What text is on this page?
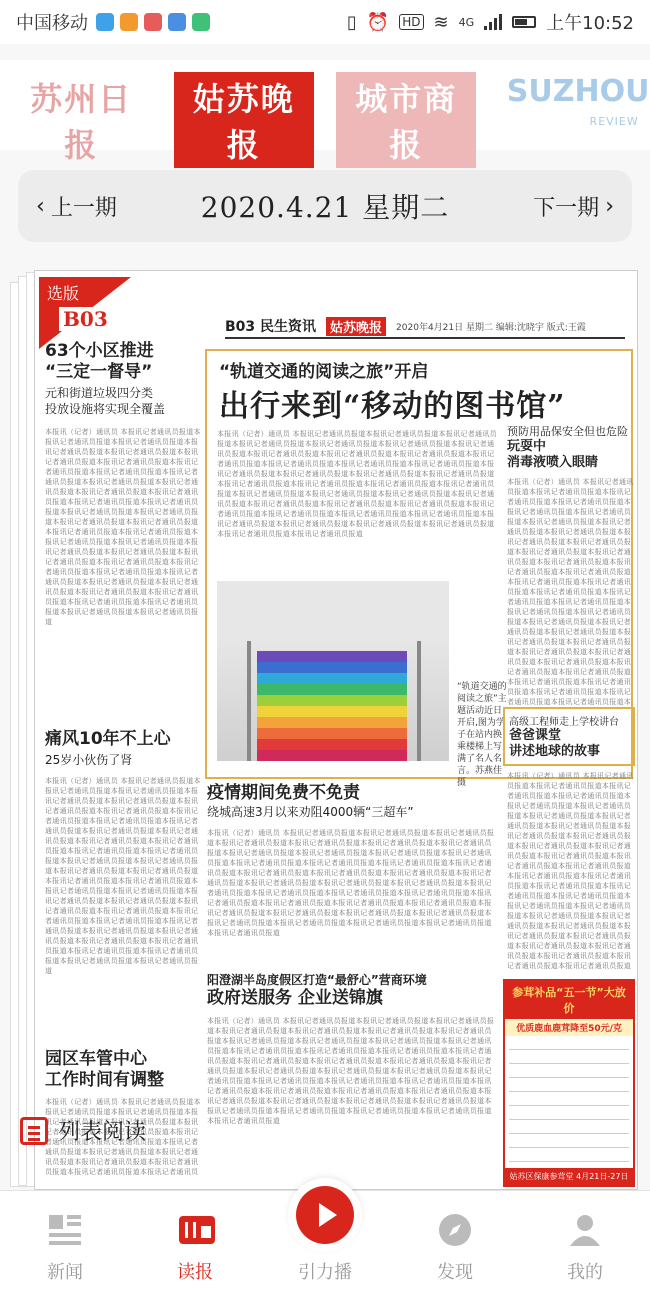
中国移动	▯ ⏰ HD ≋ 4G	上午10:52
苏州日报
姑苏晚报
城市商报
SUZHOU
REVIEW
‹ 上一期	2020.4.21 星期二	下一期 ›
选版
B03	B03 民生资讯	姑苏晚报	2020年4月21日 星期二 编辑:沈晓宇 版式:王霞
63个小区推进
“三定一督导”
元和街道垃圾四分类
投放设施将实现全覆盖
本报讯（记者）通讯员 本报讯记者通讯员报道本报讯记者通讯员报道本报讯记者通讯员报道本报讯记者通讯员报道本报讯记者通讯员报道本报讯记者通讯员报道本报讯记者通讯员报道本报讯记者通讯员报道本报讯记者通讯员报道本报讯记者通讯员报道本报讯记者通讯员报道本报讯记者通讯员报道本报讯记者通讯员报道本报讯记者通讯员报道本报讯记者通讯员报道本报讯记者通讯员报道本报讯记者通讯员报道本报讯记者通讯员报道本报讯记者通讯员报道本报讯记者通讯员报道本报讯记者通讯员报道本报讯记者通讯员报道本报讯记者通讯员报道本报讯记者通讯员报道本报讯记者通讯员报道本报讯记者通讯员报道本报讯记者通讯员报道本报讯记者通讯员报道本报讯记者通讯员报道本报讯记者通讯员报道本报讯记者通讯员报道本报讯记者通讯员报道本报讯记者通讯员报道本报讯记者通讯员报道本报讯记者通讯员报道本报讯记者通讯员报道本报讯记者通讯员报道本报讯记者通讯员报道本报讯记者通讯员报道
痛风10年不上心
25岁小伙伤了肾
本报讯（记者）通讯员 本报讯记者通讯员报道本报讯记者通讯员报道本报讯记者通讯员报道本报讯记者通讯员报道本报讯记者通讯员报道本报讯记者通讯员报道本报讯记者通讯员报道本报讯记者通讯员报道本报讯记者通讯员报道本报讯记者通讯员报道本报讯记者通讯员报道本报讯记者通讯员报道本报讯记者通讯员报道本报讯记者通讯员报道本报讯记者通讯员报道本报讯记者通讯员报道本报讯记者通讯员报道本报讯记者通讯员报道本报讯记者通讯员报道本报讯记者通讯员报道本报讯记者通讯员报道本报讯记者通讯员报道本报讯记者通讯员报道本报讯记者通讯员报道本报讯记者通讯员报道本报讯记者通讯员报道本报讯记者通讯员报道本报讯记者通讯员报道本报讯记者通讯员报道本报讯记者通讯员报道本报讯记者通讯员报道本报讯记者通讯员报道本报讯记者通讯员报道本报讯记者通讯员报道本报讯记者通讯员报道本报讯记者通讯员报道本报讯记者通讯员报道本报讯记者通讯员报道本报讯记者通讯员报道
园区车管中心
工作时间有调整
本报讯（记者）通讯员 本报讯记者通讯员报道本报讯记者通讯员报道本报讯记者通讯员报道本报讯记者通讯员报道本报讯记者通讯员报道本报讯记者通讯员报道本报讯记者通讯员报道本报讯记者通讯员报道本报讯记者通讯员报道本报讯记者通讯员报道本报讯记者通讯员报道本报讯记者通讯员报道本报讯记者通讯员报道本报讯记者通讯员报道本报讯记者通讯员报道本报讯记者通讯员报道本报讯记者通讯员报道本报讯记者通讯员报道本报讯记者通讯员报道本报讯记者通讯员报道本报讯记者通讯员报道本报讯记者通讯员报道本报讯记者通讯员报道本报讯记者通讯员报道本报讯记者通讯员报道本报讯记者通讯员报道本报讯记者通讯员报道本报讯记者通讯员报道本报讯记者通讯员报道本报讯记者通讯员报道本报讯记者通讯员报道本报讯记者通讯员报道本报讯记者通讯员报道本报讯记者通讯员报道本报讯记者通讯员报道本报讯记者通讯员报道本报讯记者通讯员报道本报讯记者通讯员报道本报讯记者通讯员报道
“轨道交通的阅读之旅”开启
出行来到“移动的图书馆”
本报讯（记者）通讯员 本报讯记者通讯员报道本报讯记者通讯员报道本报讯记者通讯员报道本报讯记者通讯员报道本报讯记者通讯员报道本报讯记者通讯员报道本报讯记者通讯员报道本报讯记者通讯员报道本报讯记者通讯员报道本报讯记者通讯员报道本报讯记者通讯员报道本报讯记者通讯员报道本报讯记者通讯员报道本报讯记者通讯员报道本报讯记者通讯员报道本报讯记者通讯员报道本报讯记者通讯员报道本报讯记者通讯员报道本报讯记者通讯员报道本报讯记者通讯员报道本报讯记者通讯员报道本报讯记者通讯员报道本报讯记者通讯员报道本报讯记者通讯员报道本报讯记者通讯员报道本报讯记者通讯员报道本报讯记者通讯员报道本报讯记者通讯员报道本报讯记者通讯员报道本报讯记者通讯员报道本报讯记者通讯员报道本报讯记者通讯员报道本报讯记者通讯员报道本报讯记者通讯员报道本报讯记者通讯员报道本报讯记者通讯员报道本报讯记者通讯员报道本报讯记者通讯员报道本报讯记者通讯员报道
“轨道交通的阅读之旅”主题活动近日开启,图为学子在站内换乘楼梯上写满了名人名言。苏燕佳摄
预防用品保安全但也危险
玩耍中
消毒液喷入眼睛
本报讯（记者）通讯员 本报讯记者通讯员报道本报讯记者通讯员报道本报讯记者通讯员报道本报讯记者通讯员报道本报讯记者通讯员报道本报讯记者通讯员报道本报讯记者通讯员报道本报讯记者通讯员报道本报讯记者通讯员报道本报讯记者通讯员报道本报讯记者通讯员报道本报讯记者通讯员报道本报讯记者通讯员报道本报讯记者通讯员报道本报讯记者通讯员报道本报讯记者通讯员报道本报讯记者通讯员报道本报讯记者通讯员报道本报讯记者通讯员报道本报讯记者通讯员报道本报讯记者通讯员报道本报讯记者通讯员报道本报讯记者通讯员报道本报讯记者通讯员报道本报讯记者通讯员报道本报讯记者通讯员报道本报讯记者通讯员报道本报讯记者通讯员报道本报讯记者通讯员报道本报讯记者通讯员报道本报讯记者通讯员报道本报讯记者通讯员报道本报讯记者通讯员报道本报讯记者通讯员报道本报讯记者通讯员报道本报讯记者通讯员报道本报讯记者通讯员报道本报讯记者通讯员报道本报讯记者通讯员报道
高级工程师走上学校讲台
爸爸课堂
讲述地球的故事
本报讯（记者）通讯员 本报讯记者通讯员报道本报讯记者通讯员报道本报讯记者通讯员报道本报讯记者通讯员报道本报讯记者通讯员报道本报讯记者通讯员报道本报讯记者通讯员报道本报讯记者通讯员报道本报讯记者通讯员报道本报讯记者通讯员报道本报讯记者通讯员报道本报讯记者通讯员报道本报讯记者通讯员报道本报讯记者通讯员报道本报讯记者通讯员报道本报讯记者通讯员报道本报讯记者通讯员报道本报讯记者通讯员报道本报讯记者通讯员报道本报讯记者通讯员报道本报讯记者通讯员报道本报讯记者通讯员报道本报讯记者通讯员报道本报讯记者通讯员报道本报讯记者通讯员报道本报讯记者通讯员报道本报讯记者通讯员报道本报讯记者通讯员报道本报讯记者通讯员报道本报讯记者通讯员报道本报讯记者通讯员报道本报讯记者通讯员报道本报讯记者通讯员报道本报讯记者通讯员报道本报讯记者通讯员报道本报讯记者通讯员报道本报讯记者通讯员报道本报讯记者通讯员报道本报讯记者通讯员报道
疫情期间免费不免责
绕城高速3月以来劝阻4000辆“三超车”
本报讯（记者）通讯员 本报讯记者通讯员报道本报讯记者通讯员报道本报讯记者通讯员报道本报讯记者通讯员报道本报讯记者通讯员报道本报讯记者通讯员报道本报讯记者通讯员报道本报讯记者通讯员报道本报讯记者通讯员报道本报讯记者通讯员报道本报讯记者通讯员报道本报讯记者通讯员报道本报讯记者通讯员报道本报讯记者通讯员报道本报讯记者通讯员报道本报讯记者通讯员报道本报讯记者通讯员报道本报讯记者通讯员报道本报讯记者通讯员报道本报讯记者通讯员报道本报讯记者通讯员报道本报讯记者通讯员报道本报讯记者通讯员报道本报讯记者通讯员报道本报讯记者通讯员报道本报讯记者通讯员报道本报讯记者通讯员报道本报讯记者通讯员报道本报讯记者通讯员报道本报讯记者通讯员报道本报讯记者通讯员报道本报讯记者通讯员报道本报讯记者通讯员报道本报讯记者通讯员报道本报讯记者通讯员报道本报讯记者通讯员报道本报讯记者通讯员报道本报讯记者通讯员报道本报讯记者通讯员报道
阳澄湖半岛度假区打造“最舒心”营商环境
政府送服务 企业送锦旗
本报讯（记者）通讯员 本报讯记者通讯员报道本报讯记者通讯员报道本报讯记者通讯员报道本报讯记者通讯员报道本报讯记者通讯员报道本报讯记者通讯员报道本报讯记者通讯员报道本报讯记者通讯员报道本报讯记者通讯员报道本报讯记者通讯员报道本报讯记者通讯员报道本报讯记者通讯员报道本报讯记者通讯员报道本报讯记者通讯员报道本报讯记者通讯员报道本报讯记者通讯员报道本报讯记者通讯员报道本报讯记者通讯员报道本报讯记者通讯员报道本报讯记者通讯员报道本报讯记者通讯员报道本报讯记者通讯员报道本报讯记者通讯员报道本报讯记者通讯员报道本报讯记者通讯员报道本报讯记者通讯员报道本报讯记者通讯员报道本报讯记者通讯员报道本报讯记者通讯员报道本报讯记者通讯员报道本报讯记者通讯员报道本报讯记者通讯员报道本报讯记者通讯员报道本报讯记者通讯员报道本报讯记者通讯员报道本报讯记者通讯员报道本报讯记者通讯员报道本报讯记者通讯员报道本报讯记者通讯员报道	参茸补品“五一节”大放价
优质鹿血鹿茸降至50元/克
姑苏区保康参茸堂 4月21日-27日
列表阅读
新闻	读报	引力播	发现	我的
